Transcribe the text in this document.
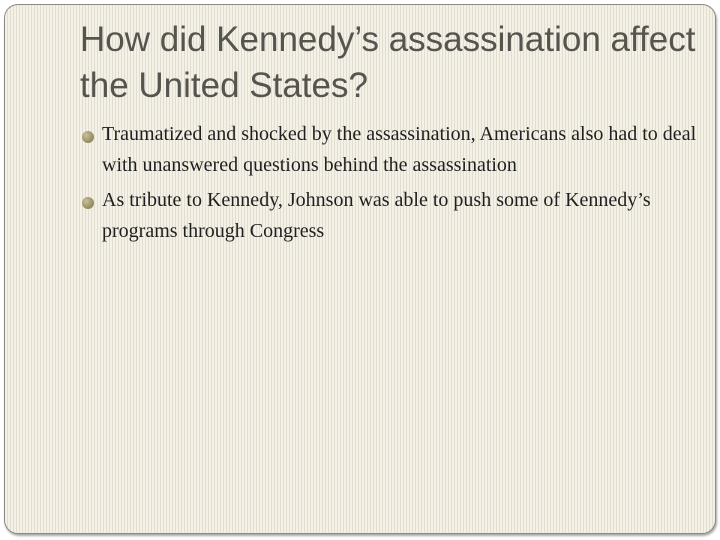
How did Kennedy’s assassination affect the United States?
Traumatized and shocked by the assassination, Americans also had to deal with unanswered questions behind the assassination
As tribute to Kennedy, Johnson was able to push some of Kennedy’s programs through Congress
